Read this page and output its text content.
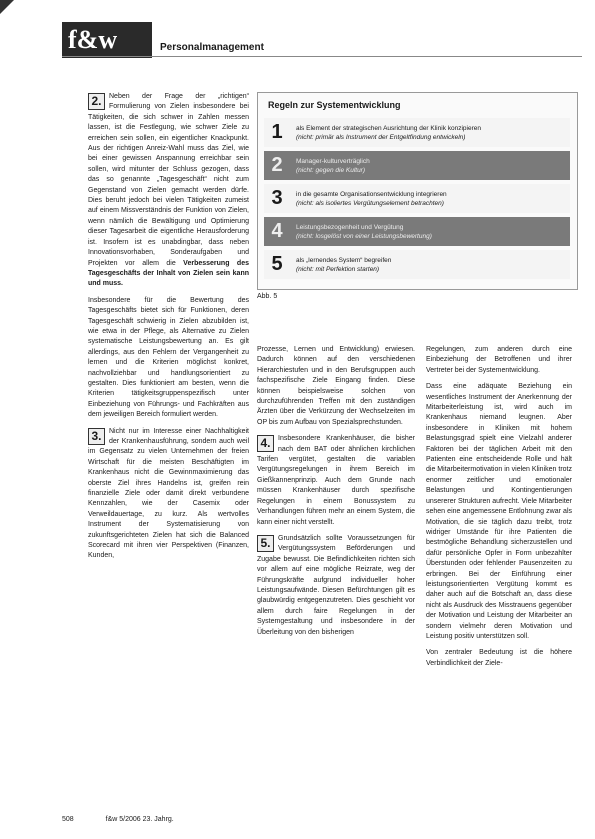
f&w	Personalmanagement

2.	Neben der Frage der „richtigen“ Formulierung von Zielen insbesondere bei Tätigkeiten, die sich schwer in Zahlen messen lassen, ist die Festlegung, wie schwer Ziele zu erreichen sein sollen, ein eigentlicher Knackpunkt. Aus der richtigen Anreiz-Wahl muss das Ziel, wie bei einer gewissen Anspannung erreichbar sein sollen, wird mitunter der Schluss gezogen, dass das so genannte „Tagesgeschäft“ nicht zum Gegenstand von Zielen gemacht werden dürfe. Dies beruht jedoch bei vielen Tätigkeiten zumeist auf einem Missverständnis der Funktion von Zielen, wenn nämlich die Bewältigung und Optimierung dieser Tagesarbeit die eigentliche Herausforderung ist. Insofern ist es unabdingbar, dass neben Innovationsvorhaben, Sonderaufgaben und Projekten vor allem die Verbesserung des Tagesgeschäfts der Inhalt von Zielen sein kann und muss.

Insbesondere für die Bewertung des Tagesgeschäfts bietet sich für Funktionen, deren Tagesgeschäft schwierig in Zielen abzubilden ist, wie etwa in der Pflege, als Alternative zu Zielen systematische Leistungsbewertung an. Es gilt allerdings, aus den Fehlern der Vergangenheit zu lernen und die Kriterien möglichst konkret, nachvollziehbar und handlungsorientiert zu gestalten. Dies funktioniert am besten, wenn die Kriterien tätigkeitsgruppenspezifisch unter Einbeziehung von Führungs- und Fachkräften aus dem jeweiligen Bereich formuliert werden.

3.	Nicht nur im Interesse einer Nachhaltigkeit der Krankenhausführung, sondern auch weil im Gegensatz zu vielen Unternehmen der freien Wirtschaft für die meisten Beschäftigten im Krankenhaus nicht die Gewinnmaximierung das oberste Ziel ihres Handelns ist, greifen rein finanzielle Ziele oder damit direkt verbundene Kennzahlen, wie der Casemix oder Verweildauertage, zu kurz. Als wertvolles Instrument der Systematisierung von zukunftsgerichteten Zielen hat sich die Balanced Scorecard mit ihren vier Perspektiven (Finanzen, Kunden,

Regeln zur Systementwicklung
1	als Element der strategischen Ausrichtung der Klinik konzipieren
(nicht: primär als Instrument der Entgeltfindung entwickeln)
2	Manager-kulturverträglich
(nicht: gegen die Kultur)
3	in die gesamte Organisationsentwicklung integrieren
(nicht: als isoliertes Vergütungselement betrachten)
4	Leistungsbezogenheit und Vergütung
(nicht: losgelöst von einer Leistungsbewertung)
5	als „lernendes System“ begreifen
(nicht: mit Perfektion starten)
Abb. 5

Prozesse, Lernen und Entwicklung) erwiesen. Dadurch können auf den verschiedenen Hierarchiestufen und in den Berufsgruppen auch fachspezifische Ziele Eingang finden. Diese können beispielsweise solchen von durchzuführenden Treffen mit den zuständigen Ärzten über die Verkürzung der Wechselzeiten im OP bis zum Aufbau von Spezialsprechstunden.

4.	Insbesondere Krankenhäuser, die bisher nach dem BAT oder ähnlichen kirchlichen Tarifen vergütet, gestalten die variablen Vergütungsregelungen in ihrem Bereich im Gießkannenprinzip. Auch dem Grunde nach müssen Krankenhäuser durch spezifische Regelungen in einem Bonussystem zu Verhandlungen führen mehr an einem System, die kann einer nicht verstellt.

5.	Grundsätzlich sollte Voraussetzungen für Vergütungssystem Beförderungen und Zugabe bewusst. Die Befindlichkeiten richten sich vor allem auf eine mögliche Reizrate, weg der Führungskräfte aufgrund individueller hoher Leistungsaufwände. Diesen Befürchtungen gilt es glaubwürdig entgegenzutreten. Dies geschieht vor allem durch faire Regelungen in der Systemgestaltung und insbesondere in der Überleitung von den bisherigen

Regelungen, zum anderen durch eine Einbeziehung der Betroffenen und ihrer Vertreter bei der Systementwicklung.

Dass eine adäquate Beziehung ein wesentliches Instrument der Anerkennung der Mitarbeiterleistung ist, wird auch im Krankenhaus niemand leugnen. Aber insbesondere in Kliniken mit hohem Belastungsgrad spielt eine Vielzahl anderer Faktoren bei der täglichen Arbeit mit den Patienten eine entscheidende Rolle und hält die Mitarbeitermotivation in vielen Kliniken trotz enormer zeitlicher und emotionaler Belastungen und Kontingentierungen unsererer Strukturen aufrecht. Viele Mitarbeiter sehen eine angemessene Entlohnung zwar als Motivation, die sie täglich dazu treibt, trotz widriger Umstände für ihre Patienten die bestmögliche Behandlung sicherzustellen und dafür persönliche Opfer in Form unbezahlter Überstunden oder fehlender Pausenzeiten zu erbringen. Bei der Einführung einer leistungsorientierten Vergütung kommt es daher auch auf die Botschaft an, dass diese nicht als Ausdruck des Misstrauens gegenüber der Motivation und Leistung der Mitarbeiter an sondern vielmehr deren Motivation und Leistung positiv unterstützen soll.

Von zentraler Bedeutung ist die höhere Verbindlichkeit der Ziele-

508	f&w 5/2006 23. Jahrg.
